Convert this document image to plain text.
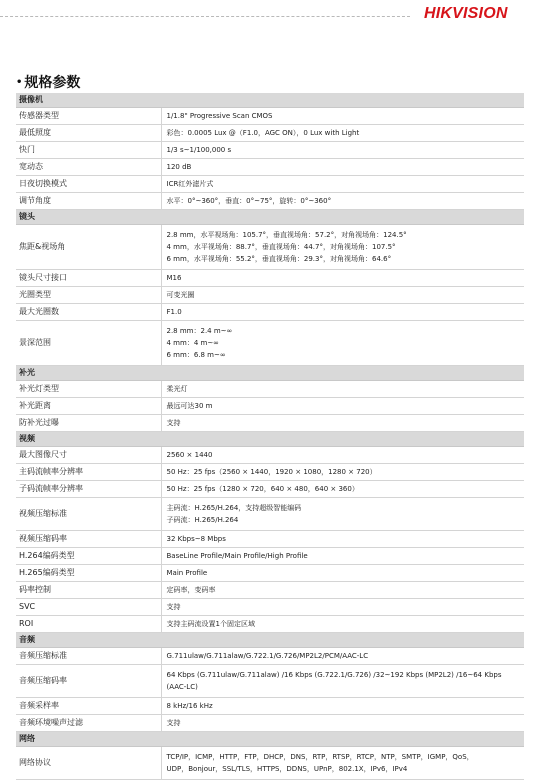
HIKVISION
• 规格参数
摄像机	
传感器类型	1/1.8" Progressive Scan CMOS

最低照度	彩色：0.0005 Lux @（F1.0，AGC ON），0 Lux with Light

快门	1/3 s~1/100,000 s

宽动态	120 dB

日夜切换模式	ICR红外滤片式

调节角度	水平：0°~360°，垂直：0°~75°，旋转：0°~360°

镜头	
焦距&视场角	2.8 mm，水平视场角：105.7°，垂直视场角：57.2°，对角视场角：124.5°
4 mm，水平视场角：88.7°，垂直视场角：44.7°，对角视场角：107.5°
6 mm，水平视场角：55.2°，垂直视场角：29.3°，对角视场角：64.6°

镜头尺寸接口	M16

光圈类型	可变光圈

最大光圈数	F1.0

景深范围	2.8 mm：2.4 m~∞
4 mm：4 m~∞
6 mm：6.8 m~∞

补光	
补光灯类型	柔光灯

补光距离	最远可达30 m

防补光过曝	支持

视频	
最大图像尺寸	2560 × 1440

主码流帧率分辨率	50 Hz：25 fps（2560 × 1440，1920 × 1080，1280 × 720）

子码流帧率分辨率	50 Hz：25 fps（1280 × 720，640 × 480，640 × 360）

视频压缩标准	主码流：H.265/H.264，支持超级智能编码
子码流：H.265/H.264

视频压缩码率	32 Kbps~8 Mbps

H.264编码类型	BaseLine Profile/Main Profile/High Profile

H.265编码类型	Main Profile

码率控制	定码率，变码率

SVC	支持

ROI	支持主码流设置1个固定区域

音频	
音频压缩标准	G.711ulaw/G.711alaw/G.722.1/G.726/MP2L2/PCM/AAC-LC

音频压缩码率	64 Kbps (G.711ulaw/G.711alaw) /16 Kbps (G.722.1/G.726) /32~192 Kbps (MP2L2) /16~64 Kbps
(AAC-LC)

音频采样率	8 kHz/16 kHz

音频环境噪声过滤	支持

网络	
网络协议	TCP/IP，ICMP，HTTP，FTP，DHCP，DNS，RTP，RTSP，RTCP，NTP，SMTP，IGMP，QoS，
UDP，Bonjour，SSL/TLS，HTTPS，DDNS，UPnP，802.1X，IPv6，IPv4
